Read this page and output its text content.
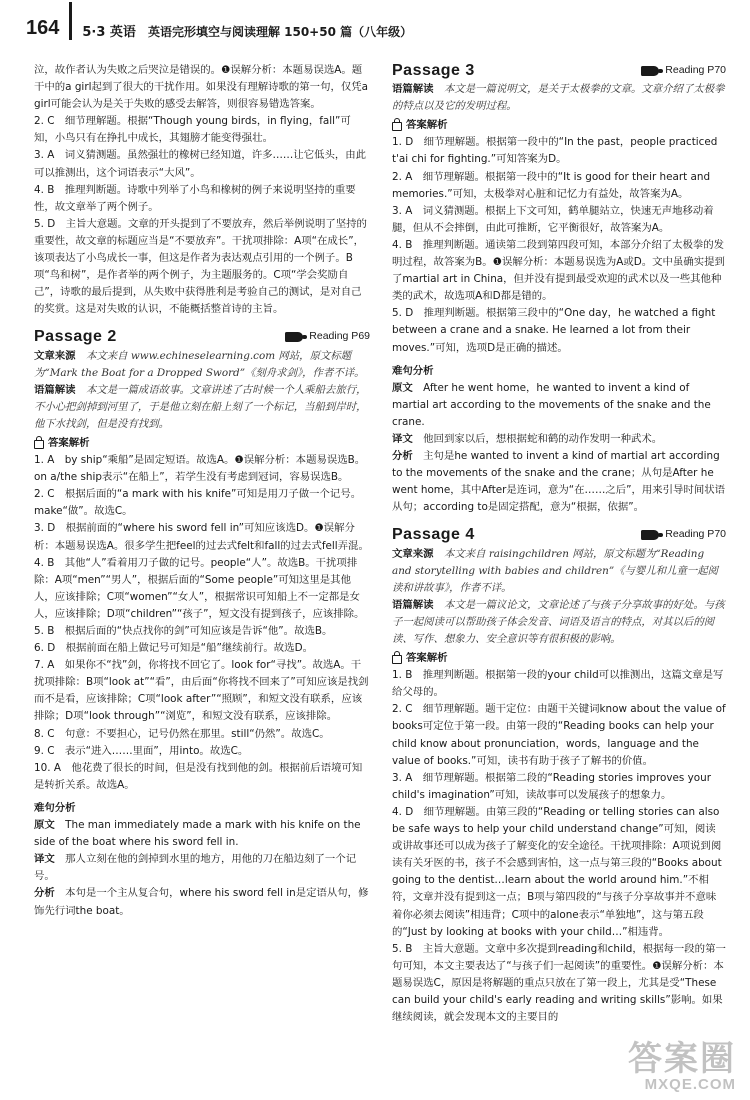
164 5·3 英语 英语完形填空与阅读理解 150+50 篇（八年级）

泣，故作者认为失败之后哭泣是错误的。❶误解分析：本题易误选A。题干中的a girl起到了很大的干扰作用。如果没有理解诗歌的第一句，仅凭a girl可能会认为是关于失败的感受去解答，则很容易错选答案。

2. C　细节理解题。根据“Though young birds，in flying，fall”可知，小鸟只有在挣扎中成长，其翅膀才能变得强壮。

3. A　词义猜测题。虽然强壮的橡树已经知道，许多……让它低头，由此可以推测出，这个词语表示“大风”。

4. B　推理判断题。诗歌中列举了小鸟和橡树的例子来说明坚持的重要性，故文章举了两个例子。

5. D　主旨大意题。文章的开头提到了不要放弃，然后举例说明了坚持的重要性，故文章的标题应当是“不要放弃”。干扰项排除：A项“在成长”，该项表达了小鸟成长一事，但这是作者为表达观点引用的一个例子。B项“鸟和树”，是作者举的两个例子，为主题服务的。C项“学会奖励自己”，诗歌的最后提到，从失败中获得胜利是考验自己的测试，是对自己的奖赏。这是对失败的认识，不能概括整首诗的主旨。

Passage 2	Reading P69

文章来源　 本文来自 www.echineselearning.com 网站，原文标题为“Mark the Boat for a Dropped Sword”《刻舟求剑》，作者不详。

语篇解读　 本文是一篇成语故事。文章讲述了古时候一个人乘船去旅行，不小心把剑掉到河里了，于是他立刻在船上刻了一个标记，当船到岸时，他下水找剑，但是没有找到。

答案解析

1. A　by ship“乘船”是固定短语。故选A。❶误解分析：本题易误选B。on a/the ship表示“在船上”，若学生没有考虑到冠词，容易误选B。

2. C　根据后面的“a mark with his knife”可知是用刀子做一个记号。make“做”。故选C。

3. D　根据前面的“where his sword fell in”可知应该选D。❶误解分析：本题易误选A。很多学生把feel的过去式felt和fall的过去式fell弄混。

4. B　其他“人”看着用刀子做的记号。people“人”。故选B。干扰项排除：A项“men”“男人”，根据后面的“Some people”可知这里是其他人，应该排除；C项“women”“女人”，根据常识可知船上不一定都是女人，应该排除；D项“children”“孩子”，短文没有提到孩子，应该排除。

5. B　根据后面的“快点找你的剑”可知应该是告诉“他”。故选B。

6. D　根据前面在船上做记号可知是“船”继续前行。故选D。

7. A　如果你不“找”剑，你将找不回它了。look for“寻找”。故选A。干扰项排除：B项“look at”“看”，由后面“你将找不回来了”可知应该是找剑而不是看，应该排除；C项“look after”“照顾”，和短文没有联系，应该排除；D项“look through”“浏览”，和短文没有联系，应该排除。

8. C　句意：不要担心，记号仍然在那里。still“仍然”。故选C。

9. C　表示“进入……里面”，用into。故选C。

10. A　他花费了很长的时间，但是没有找到他的剑。根据前后语境可知是转折关系。故选A。

难句分析

原文　 The man immediately made a mark with his knife on the side of the boat where his sword fell in.

译文　 那人立刻在他的剑掉到水里的地方，用他的刀在船边刻了一个记号。

分析　 本句是一个主从复合句，where his sword fell in是定语从句，修饰先行词the boat。

Passage 3	Reading P70

语篇解读　 本文是一篇说明文，是关于太极拳的文章。文章介绍了太极拳的特点以及它的发明过程。

答案解析

1. D　细节理解题。根据第一段中的“In the past，people practiced t'ai chi for fighting.”可知答案为D。

2. A　细节理解题。根据第一段中的“It is good for their heart and memories.”可知，太极拳对心脏和记忆力有益处，故答案为A。

3. A　词义猜测题。根据上下文可知，鹤单腿站立，快速无声地移动着腿，但从不会摔倒，由此可推断，它平衡很好，故答案为A。

4. B　推理判断题。通读第二段到第四段可知，本部分介绍了太极拳的发明过程，故答案为B。❶误解分析：本题易误选为A或D。文中虽确实提到了martial art in China，但并没有提到最受欢迎的武术以及一些其他种类的武术，故选项A和D都是错的。

5. D　推理判断题。根据第三段中的“One day，he watched a fight between a crane and a snake. He learned a lot from their moves.”可知，选项D是正确的描述。

难句分析

原文　 After he went home，he wanted to invent a kind of martial art according to the movements of the snake and the crane.

译文　 他回到家以后，想根据蛇和鹤的动作发明一种武术。

分析　 主句是he wanted to invent a kind of martial art according to the movements of the snake and the crane；从句是After he went home，其中After是连词，意为“在……之后”，用来引导时间状语从句；according to是固定搭配，意为“根据，依据”。

Passage 4	Reading P70

文章来源　 本文来自 raisingchildren 网站，原文标题为“Reading and storytelling with babies and children”《与婴儿和儿童一起阅读和讲故事》，作者不详。

语篇解读　 本文是一篇议论文，文章论述了与孩子分享故事的好处。与孩子一起阅读可以帮助孩子体会发音、词语及语言的特点，对其以后的阅读、写作、想象力、安全意识等有很积极的影响。

答案解析

1. B　推理判断题。根据第一段的your child可以推测出，这篇文章是写给父母的。

2. C　细节理解题。题干定位：由题干关键词know about the value of books可定位于第一段。由第一段的“Reading books can help your child know about pronunciation，words，language and the value of books.”可知，读书有助于孩子了解书的价值。

3. A　细节理解题。根据第二段的“Reading stories improves your child's imagination”可知，读故事可以发展孩子的想象力。

4. D　细节理解题。由第三段的“Reading or telling stories can also be safe ways to help your child understand change”可知，阅读或讲故事还可以成为孩子了解变化的安全途径。干扰项排除：A项说到阅读有关牙医的书，孩子不会感到害怕，这一点与第三段的“Books about going to the dentist…learn about the world around him.”不相符，文章并没有提到这一点；B项与第四段的“与孩子分享故事并不意味着你必须去阅读”相违背；C项中的alone表示“单独地”，这与第五段的“Just by looking at books with your child…”相违背。

5. B　主旨大意题。文章中多次提到reading和child，根据每一段的第一句可知，本文主要表达了“与孩子们一起阅读”的重要性。❶误解分析：本题易误选C，原因是将解题的重点只放在了第一段上，尤其是受“These can build your child's early reading and writing skills”影响。如果继续阅读，就会发现本文的主要目的

答案圈
MXQE.COM
